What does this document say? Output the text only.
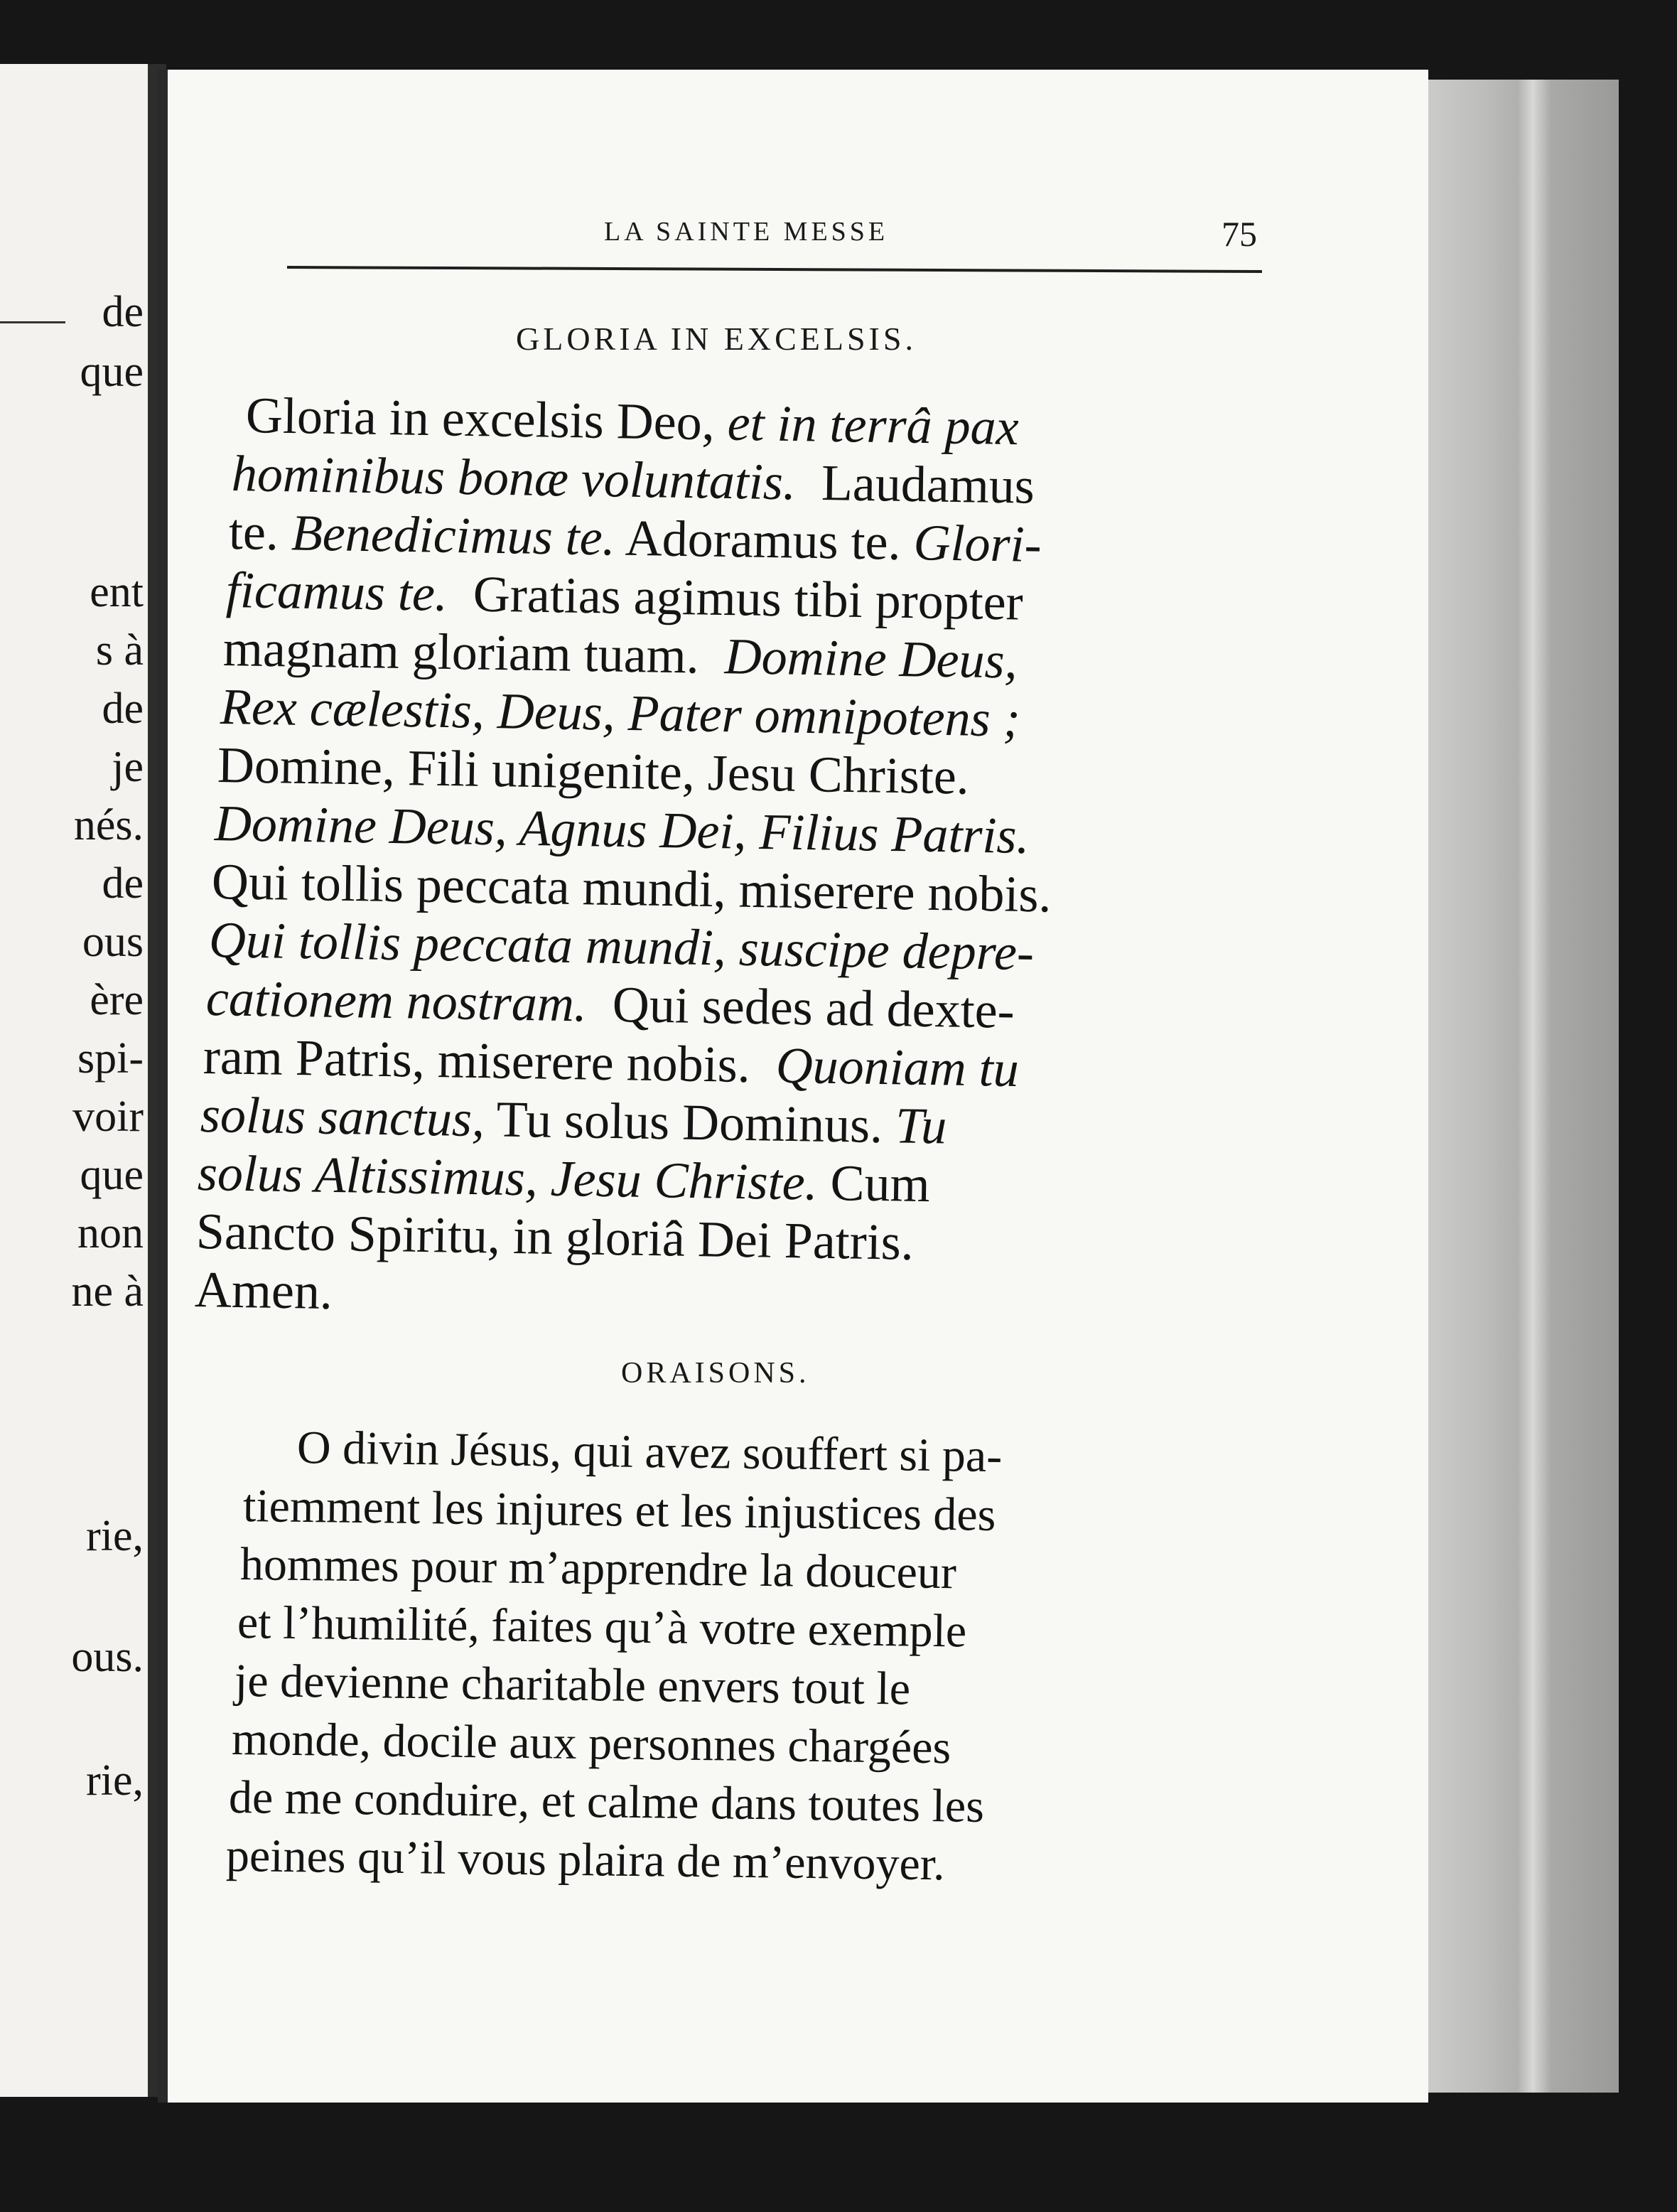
de

que

ent

s à

de

je

nés.

de

ous

ère

spi-

voir

que

non

ne à

rie,

ous.

rie,

LA SAINTE MESSE	75

GLORIA IN EXCELSIS.

Gloria in excelsis Deo, et in terrâ pax

hominibus bonæ voluntatis.  Laudamus

te. Benedicimus te. Adoramus te. Glori-

ficamus te.  Gratias agimus tibi propter

magnam gloriam tuam.  Domine Deus,

Rex cælestis, Deus, Pater omnipotens ;

Domine, Fili unigenite, Jesu Christe.

Domine Deus, Agnus Dei, Filius Patris.

Qui tollis peccata mundi, miserere nobis.

Qui tollis peccata mundi, suscipe depre-

cationem nostram.  Qui sedes ad dexte-

ram Patris, miserere nobis.  Quoniam tu

solus sanctus, Tu solus Dominus. Tu

solus Altissimus, Jesu Christe. Cum

Sancto Spiritu, in gloriâ Dei Patris.

Amen.

ORAISONS.

O divin Jésus, qui avez souffert si pa-

tiemment les injures et les injustices des

hommes pour m’apprendre la douceur

et l’humilité, faites qu’à votre exemple

je devienne charitable envers tout le

monde, docile aux personnes chargées

de me conduire, et calme dans toutes les

peines qu’il vous plaira de m’envoyer.
